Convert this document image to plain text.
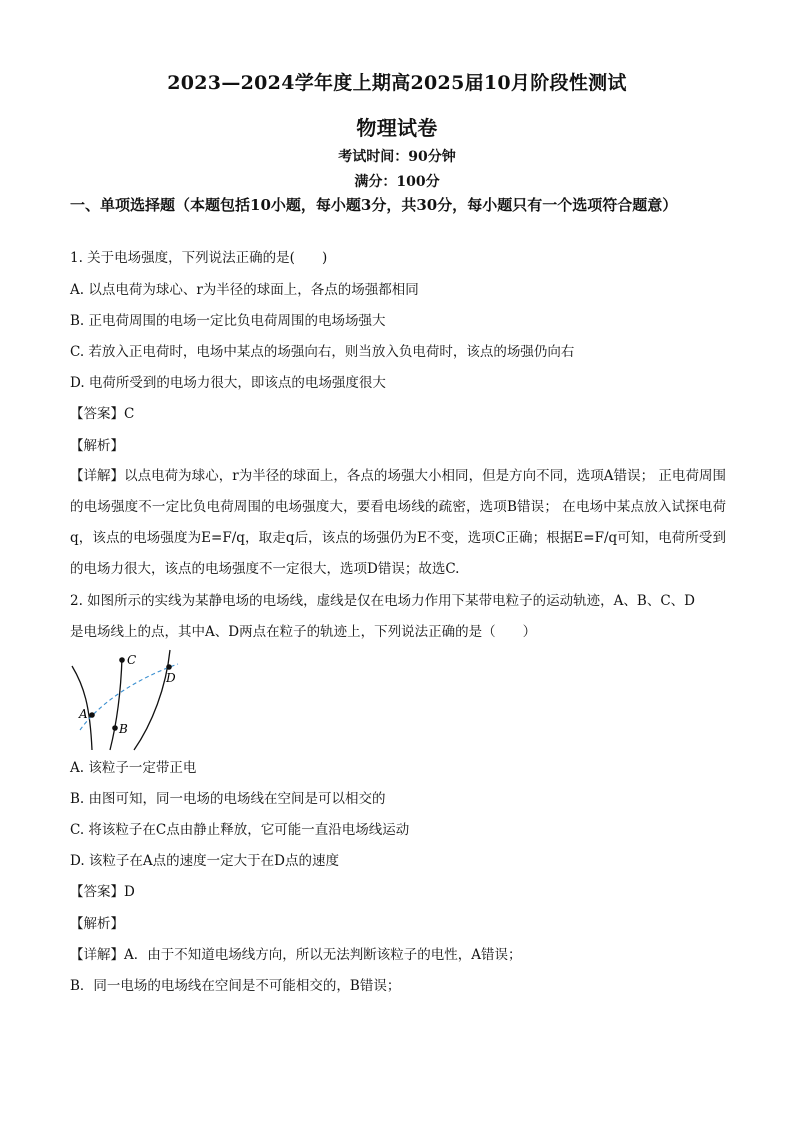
2023—2024学年度上期高2025届10月阶段性测试
物理试卷
考试时间：90分钟
满分：100分
一、单项选择题（本题包括10小题，每小题3分，共30分，每小题只有一个选项符合题意）
1. 关于电场强度，下列说法正确的是(　　)
A. 以点电荷为球心、r为半径的球面上，各点的场强都相同
B. 正电荷周围的电场一定比负电荷周围的电场场强大
C. 若放入正电荷时，电场中某点的场强向右，则当放入负电荷时，该点的场强仍向右
D. 电荷所受到的电场力很大，即该点的电场强度很大
【答案】C
【解析】
【详解】以点电荷为球心，r为半径的球面上，各点的场强大小相同，但是方向不同，选项A错误； 正电荷周围的电场强度不一定比负电荷周围的电场强度大，要看电场线的疏密，选项B错误； 在电场中某点放入试探电荷q，该点的电场强度为E=F/q，取走q后，该点的场强仍为E不变，选项C正确；根据E=F/q可知，电荷所受到的电场力很大，该点的电场强度不一定很大，选项D错误；故选C.
2. 如图所示的实线为某静电场的电场线，虚线是仅在电场力作用下某带电粒子的运动轨迹，A、B、C、D
是电场线上的点，其中A、D两点在粒子的轨迹上，下列说法正确的是（　　）
A
B
C
D
A. 该粒子一定带正电
B. 由图可知，同一电场的电场线在空间是可以相交的
C. 将该粒子在C点由静止释放，它可能一直沿电场线运动
D. 该粒子在A点的速度一定大于在D点的速度
【答案】D
【解析】
【详解】A．由于不知道电场线方向，所以无法判断该粒子的电性，A错误；
B．同一电场的电场线在空间是不可能相交的，B错误；
